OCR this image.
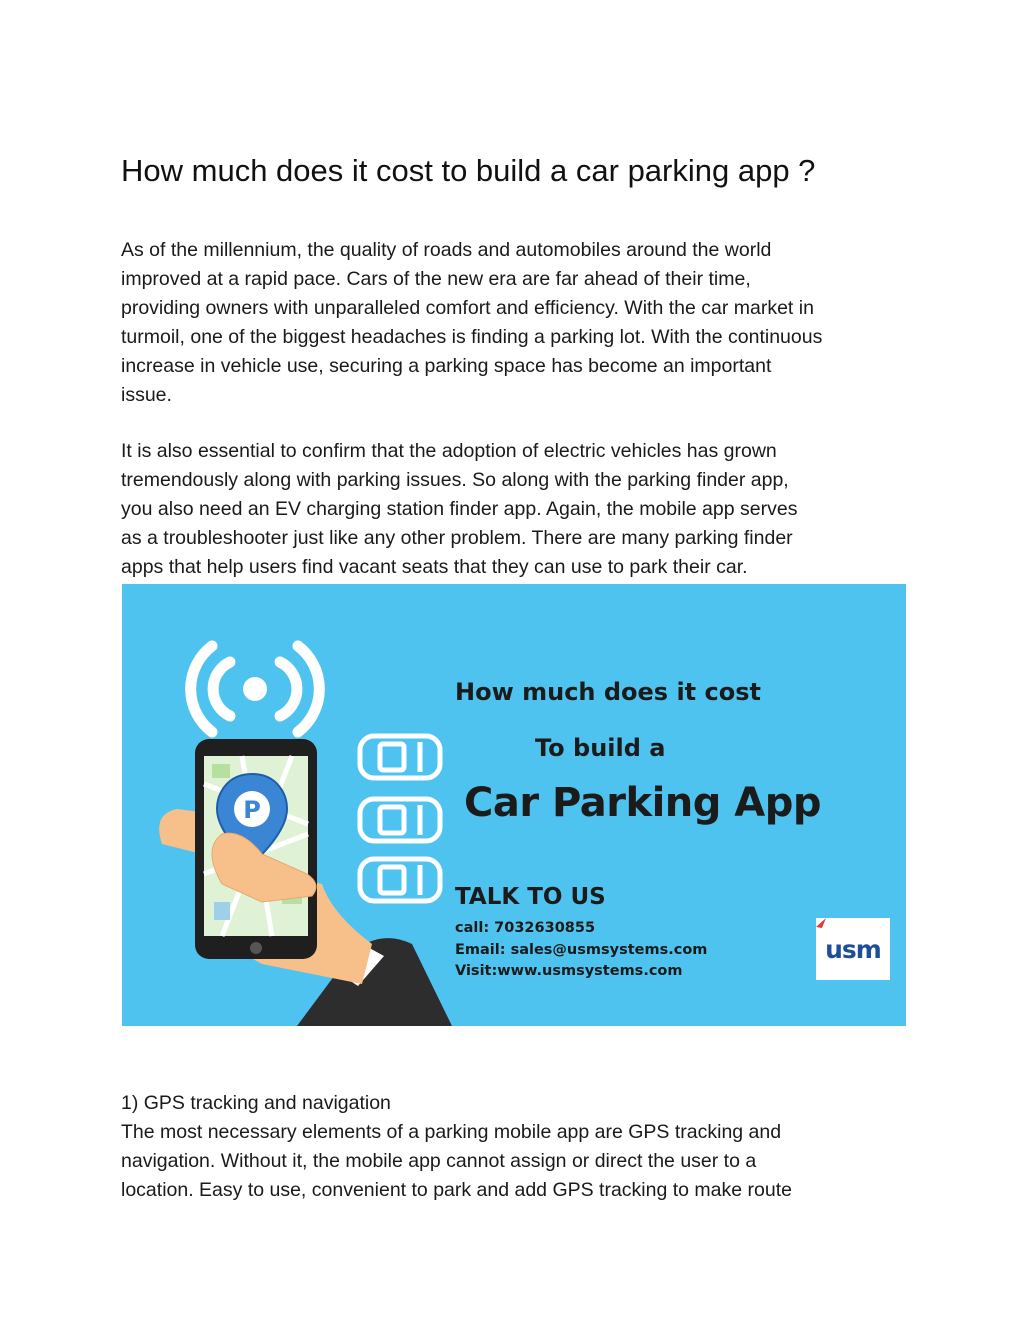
How much does it cost to build a car parking app ?

As of the millennium, the quality of roads and automobiles around the world
improved at a rapid pace. Cars of the new era are far ahead of their time,
providing owners with unparalleled comfort and efficiency. With the car market in
turmoil, one of the biggest headaches is finding a parking lot. With the continuous
increase in vehicle use, securing a parking space has become an important
issue.

It is also essential to confirm that the adoption of electric vehicles has grown
tremendously along with parking issues. So along with the parking finder app,
you also need an EV charging station finder app. Again, the mobile app serves
as a troubleshooter just like any other problem. There are many parking finder
apps that help users find vacant seats that they can use to park their car.

P
How much does it cost
To build a
Car Parking App
TALK TO US
call: 7032630855
Email: sales@usmsystems.com
Visit:www.usmsystems.com
usm

1) GPS tracking and navigation
The most necessary elements of a parking mobile app are GPS tracking and
navigation. Without it, the mobile app cannot assign or direct the user to a
location. Easy to use, convenient to park and add GPS tracking to make route
